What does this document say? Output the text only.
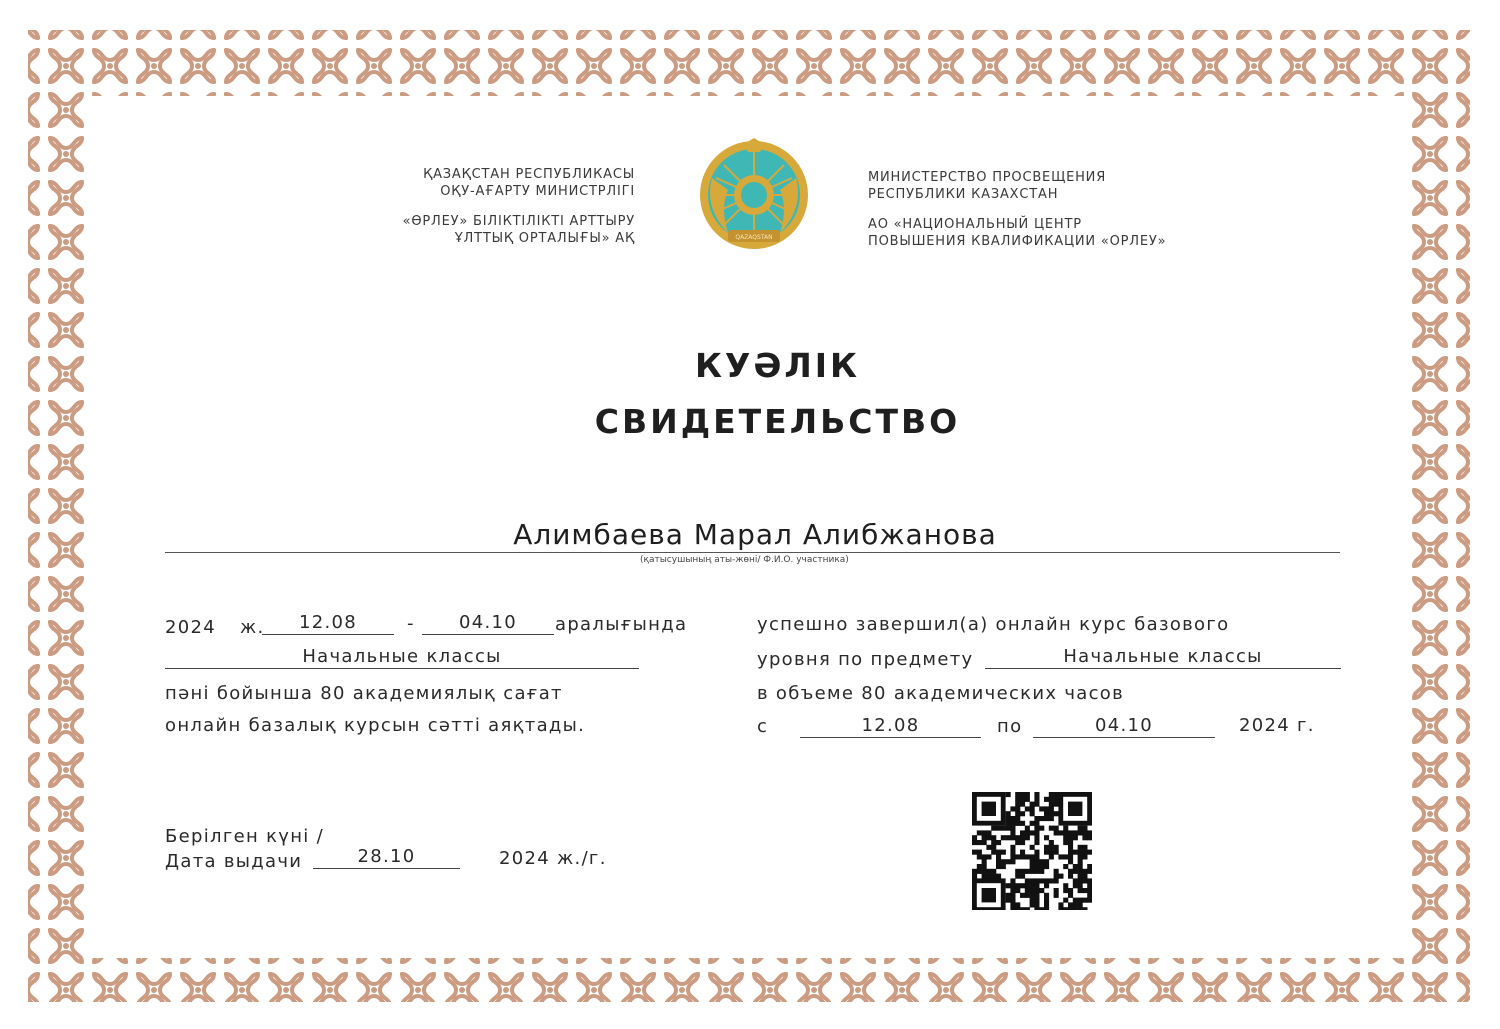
ҚАЗАҚСТАН РЕСПУБЛИКАСЫ
ОҚУ-АҒАРТУ МИНИСТРЛІГІ
«ӨРЛЕУ» БІЛІКТІЛІКТІ АРТТЫРУ
ҰЛТТЫҚ ОРТАЛЫҒЫ» АҚ	QAZAQSTAN
МИНИСТЕРСТВО ПРОСВЕЩЕНИЯ
РЕСПУБЛИКИ КАЗАХСТАН
АО «НАЦИОНАЛЬНЫЙ ЦЕНТР
ПОВЫШЕНИЯ КВАЛИФИКАЦИИ «ОРЛЕУ»
КУӘЛІК
СВИДЕТЕЛЬСТВО
Алимбаева Марал Алибжанова
(қатысушының аты-жөні/ Ф.И.О. участника)
2024 ж.	12.08	-	04.10	аралығында
Начальные классы
пәні бойынша 80 академиялық сағат
онлайн базалық курсын сәтті аяқтады.
успешно завершил(а) онлайн курс базового
уровня по предмету	Начальные классы
в объеме 80 академических часов
с	12.08	по	04.10	2024 г.
Берілген күні /
Дата выдачи	28.10	2024 ж./г.
